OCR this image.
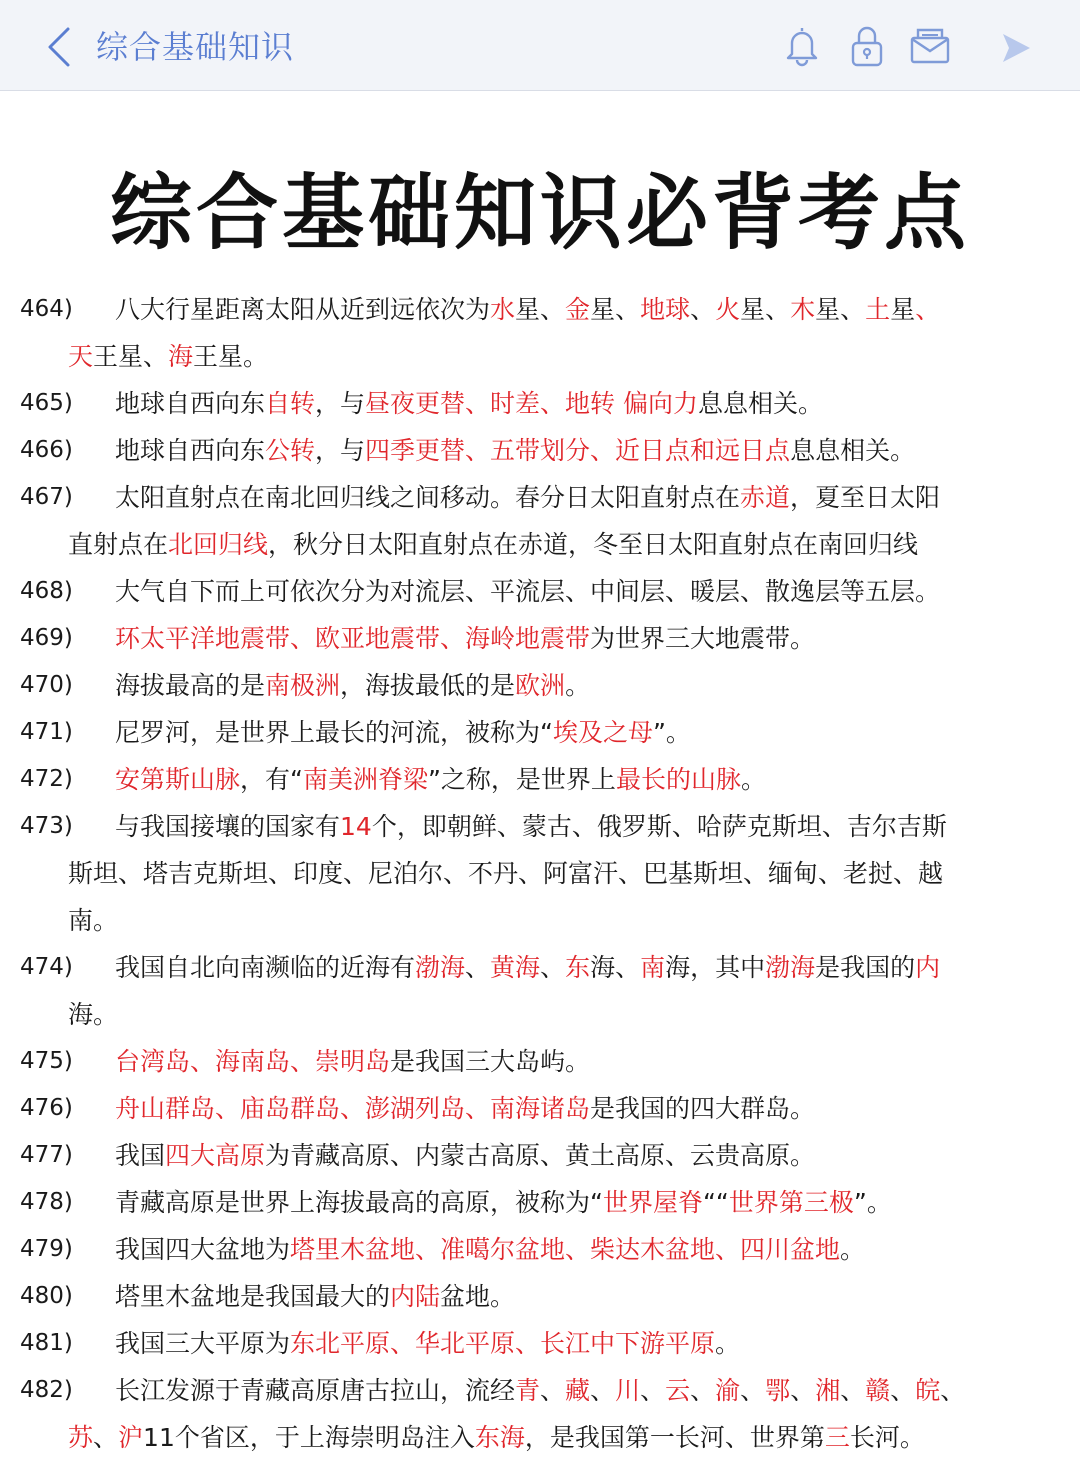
综合基础知识
综合基础知识必背考点
464) 八大行星距离太阳从近到远依次为水星、金星、地球、火星、木星、土星、
天王星、海王星。
465) 地球自西向东自转，与昼夜更替、时差、地转 偏向力息息相关。
466) 地球自西向东公转，与四季更替、五带划分、近日点和远日点息息相关。
467) 太阳直射点在南北回归线之间移动。春分日太阳直射点在赤道，夏至日太阳
直射点在北回归线，秋分日太阳直射点在赤道，冬至日太阳直射点在南回归线
468) 大气自下而上可依次分为对流层、平流层、中间层、暖层、散逸层等五层。
469) 环太平洋地震带、欧亚地震带、海岭地震带为世界三大地震带。
470) 海拔最高的是南极洲，海拔最低的是欧洲。
471) 尼罗河，是世界上最长的河流，被称为“埃及之母”。
472) 安第斯山脉，有“南美洲脊梁”之称，是世界上最长的山脉。
473) 与我国接壤的国家有14个，即朝鲜、蒙古、俄罗斯、哈萨克斯坦、吉尔吉斯
斯坦、塔吉克斯坦、印度、尼泊尔、不丹、阿富汗、巴基斯坦、缅甸、老挝、越
南。
474) 我国自北向南濒临的近海有渤海、黄海、东海、南海，其中渤海是我国的内
海。
475) 台湾岛、海南岛、崇明岛是我国三大岛屿。
476) 舟山群岛、庙岛群岛、澎湖列岛、南海诸岛是我国的四大群岛。
477) 我国四大高原为青藏高原、内蒙古高原、黄土高原、云贵高原。
478) 青藏高原是世界上海拔最高的高原，被称为“世界屋脊““世界第三极”。
479) 我国四大盆地为塔里木盆地、准噶尔盆地、柴达木盆地、四川盆地。
480) 塔里木盆地是我国最大的内陆盆地。
481) 我国三大平原为东北平原、华北平原、长江中下游平原。
482) 长江发源于青藏高原唐古拉山，流经青、藏、川、云、渝、鄂、湘、赣、皖、
苏、沪11个省区，于上海崇明岛注入东海，是我国第一长河、世界第三长河。
